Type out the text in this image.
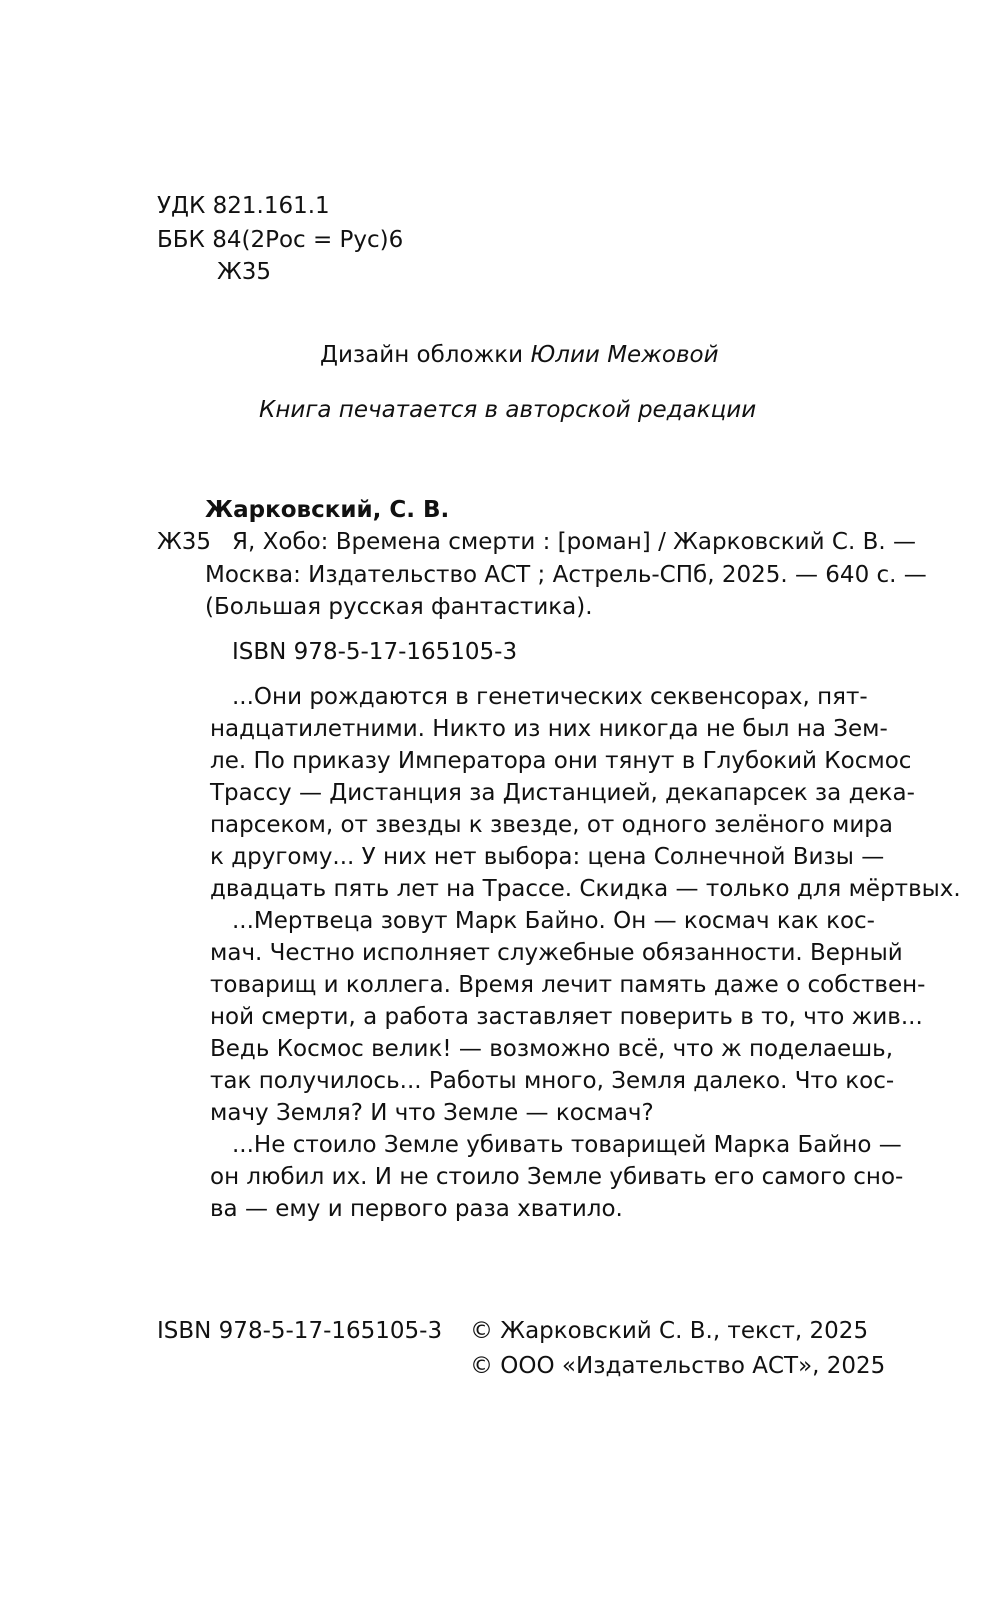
УДК 821.161.1
ББК 84(2Рос = Рус)6
Ж35
Дизайн обложки Юлии Межовой
Книга печатается в авторской редакции
Жарковский, С. В.
Ж35 Я, Хобо: Времена смерти : [роман] / Жарковский С. В. —
Москва: Издательство АСТ ; Астрель-СПб, 2025. — 640 с. —
(Большая русская фантастика).
ISBN 978-5-17-165105-3
...Они рождаются в генетических секвенсорах, пят-
надцатилетними. Никто из них никогда не был на Зем-
ле. По приказу Императора они тянут в Глубокий Космос
Трассу — Дистанция за Дистанцией, декапарсек за дека-
парсеком, от звезды к звезде, от одного зелёного мира
к другому... У них нет выбора: цена Солнечной Визы —
двадцать пять лет на Трассе. Скидка — только для мёртвых.
...Мертвеца зовут Марк Байно. Он — космач как кос-
мач. Честно исполняет служебные обязанности. Верный
товарищ и коллега. Время лечит память даже о собствен-
ной смерти, а работа заставляет поверить в то, что жив...
Ведь Космос велик! — возможно всё, что ж поделаешь,
так получилось... Работы много, Земля далеко. Что кос-
мачу Земля? И что Земле — космач?
...Не стоило Земле убивать товарищей Марка Байно —
он любил их. И не стоило Земле убивать его самого сно-
ва — ему и первого раза хватило.
ISBN 978-5-17-165105-3 © Жарковский С. В., текст, 2025
© ООО «Издательство АСТ», 2025
